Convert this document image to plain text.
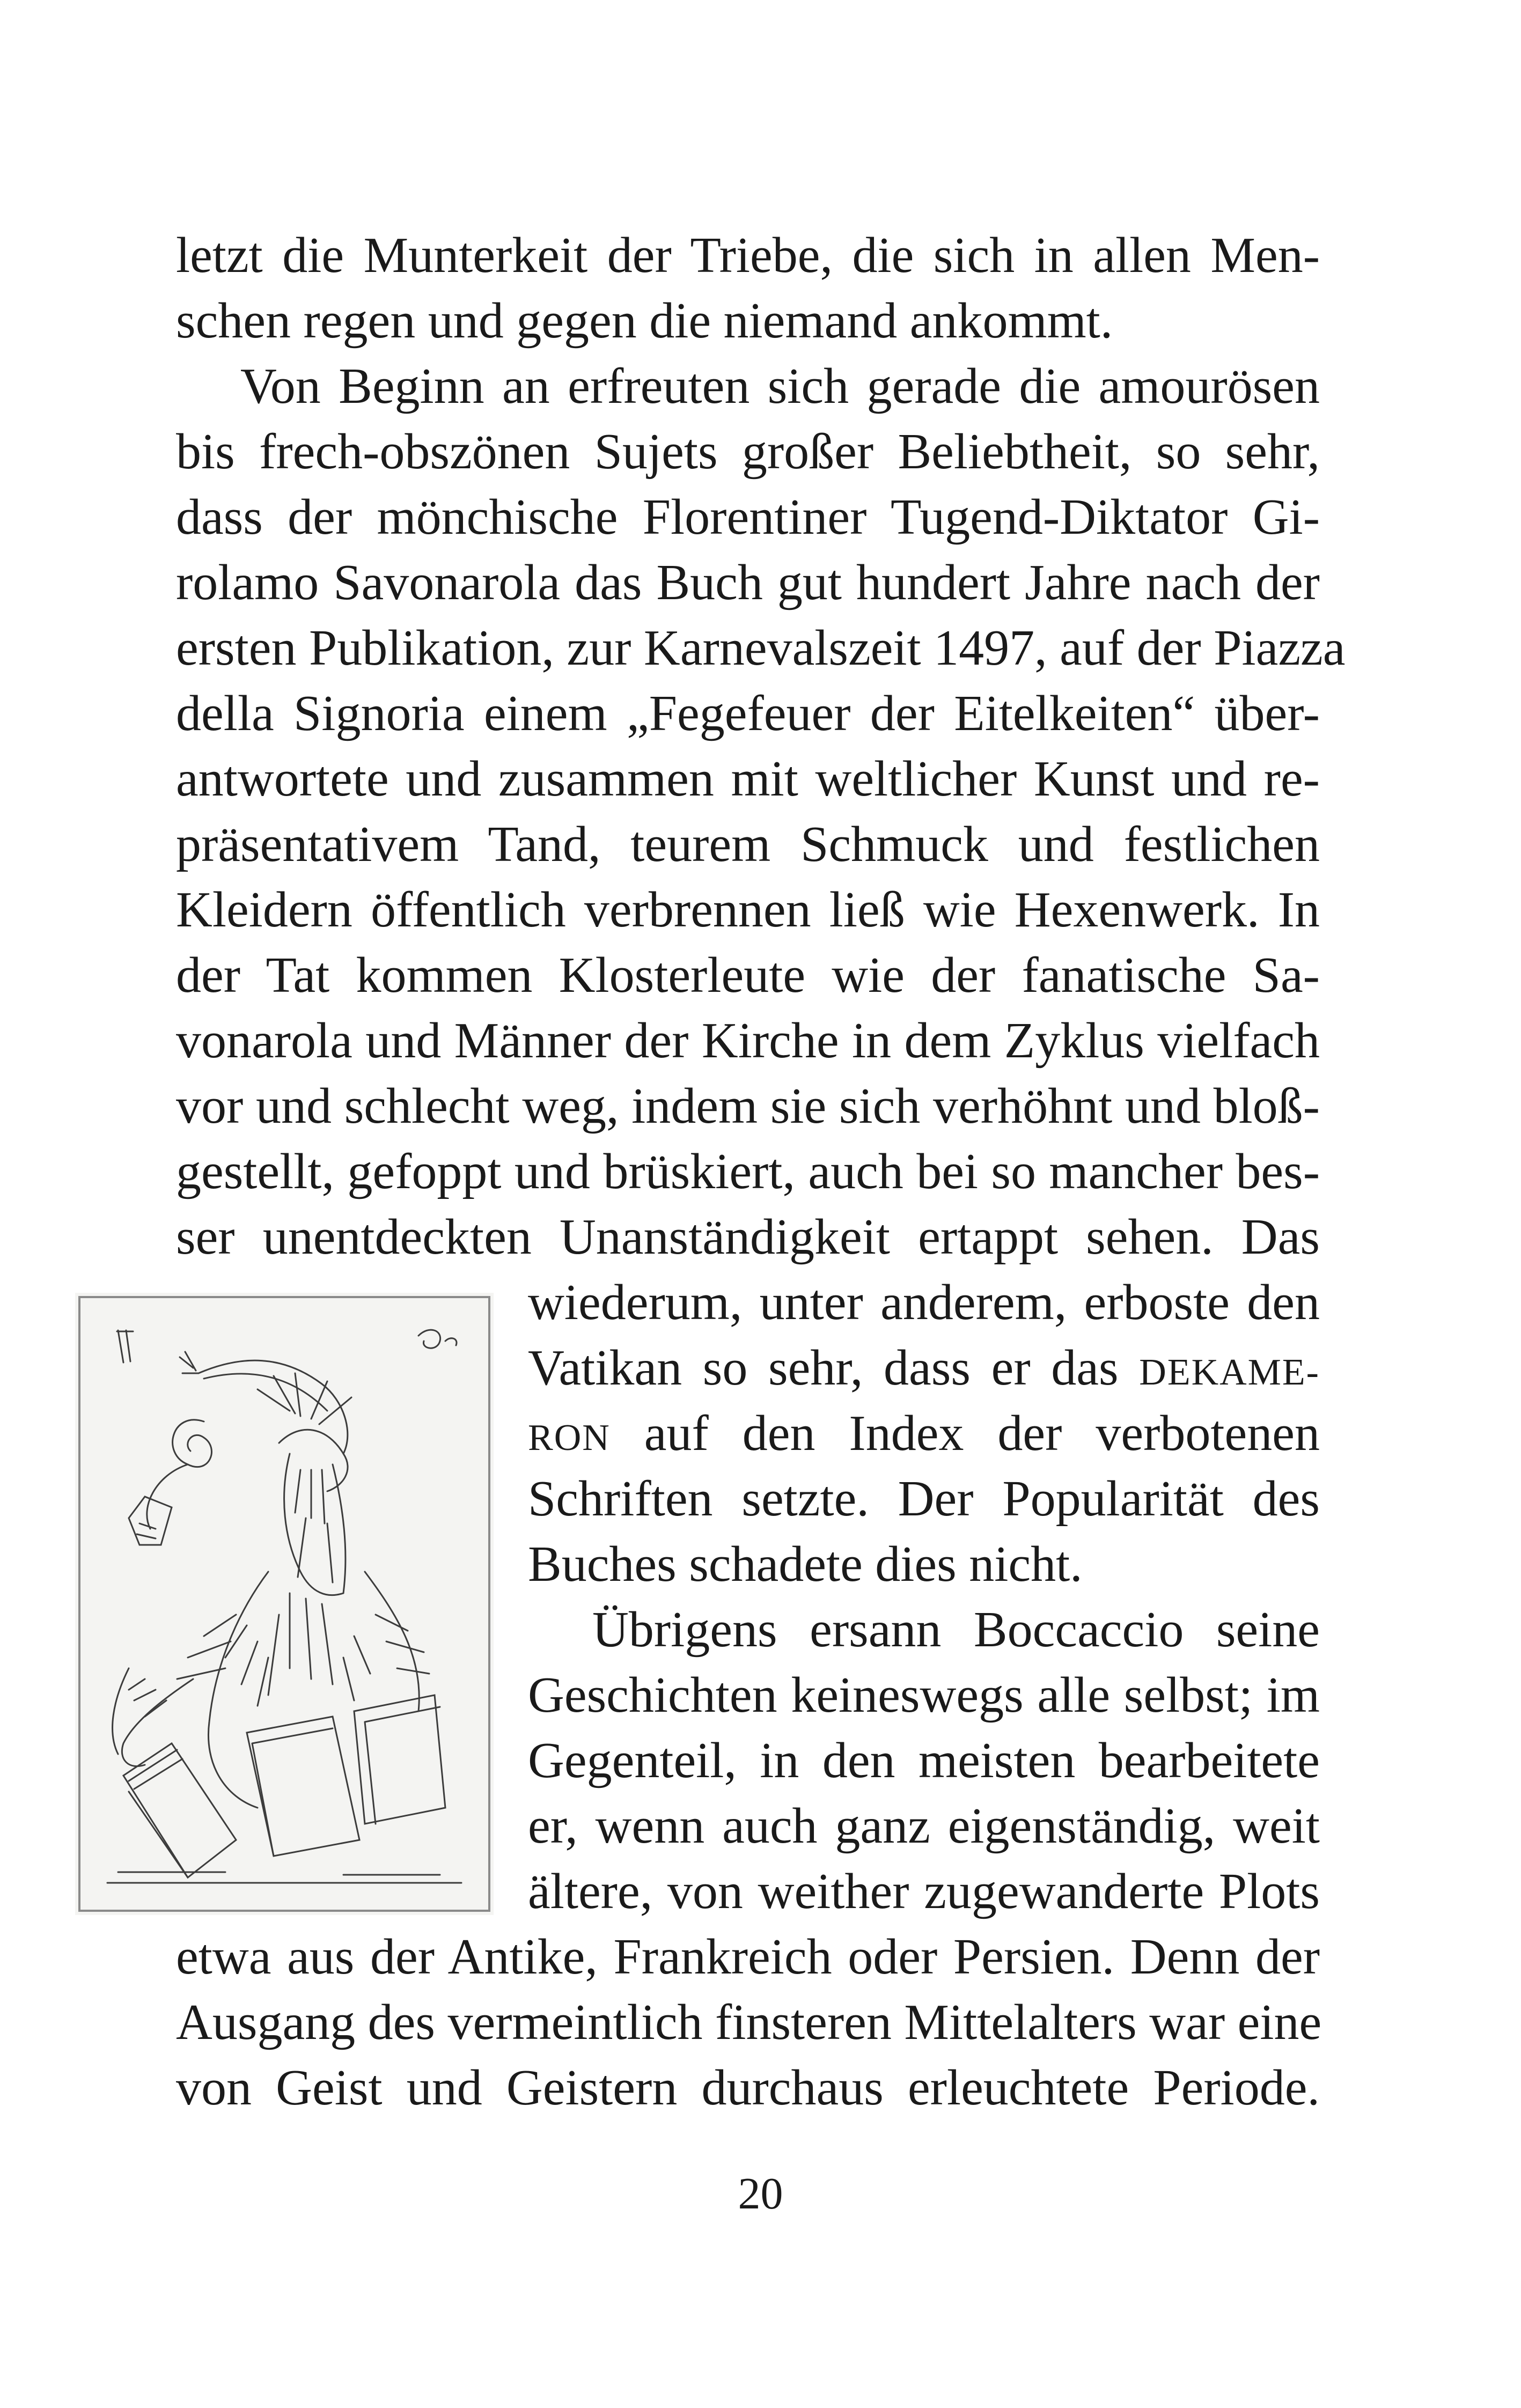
letzt die Munterkeit der Triebe, die sich in allen Men-
schen regen und gegen die niemand ankommt.
Von Beginn an erfreuten sich gerade die amourösen
bis frech-obszönen Sujets großer Beliebtheit, so sehr,
dass der mönchische Florentiner Tugend-Diktator Gi-
rolamo Savonarola das Buch gut hundert Jahre nach der
ersten Publikation, zur Karnevalszeit 1497, auf der Piazza
della Signoria einem „Fegefeuer der Eitelkeiten“ über-
antwortete und zusammen mit weltlicher Kunst und re-
präsentativem Tand, teurem Schmuck und festlichen
Kleidern öffentlich verbrennen ließ wie Hexenwerk. In
der Tat kommen Klosterleute wie der fanatische Sa-
vonarola und Männer der Kirche in dem Zyklus vielfach
vor und schlecht weg, indem sie sich verhöhnt und bloß-
gestellt, gefoppt und brüskiert, auch bei so mancher bes-
ser unentdeckten Unanständigkeit ertappt sehen. Das
wiederum, unter anderem, erboste den
Vatikan so sehr, dass er das DEKAME-
RON auf den Index der verbotenen
Schriften setzte. Der Popularität des
Buches schadete dies nicht.
Übrigens ersann Boccaccio seine
Geschichten keineswegs alle selbst; im
Gegenteil, in den meisten bearbeitete
er, wenn auch ganz eigenständig, weit
ältere, von weither zugewanderte Plots
etwa aus der Antike, Frankreich oder Persien. Denn der
Ausgang des vermeintlich finsteren Mittelalters war eine
von Geist und Geistern durchaus erleuchtete Periode.
20
